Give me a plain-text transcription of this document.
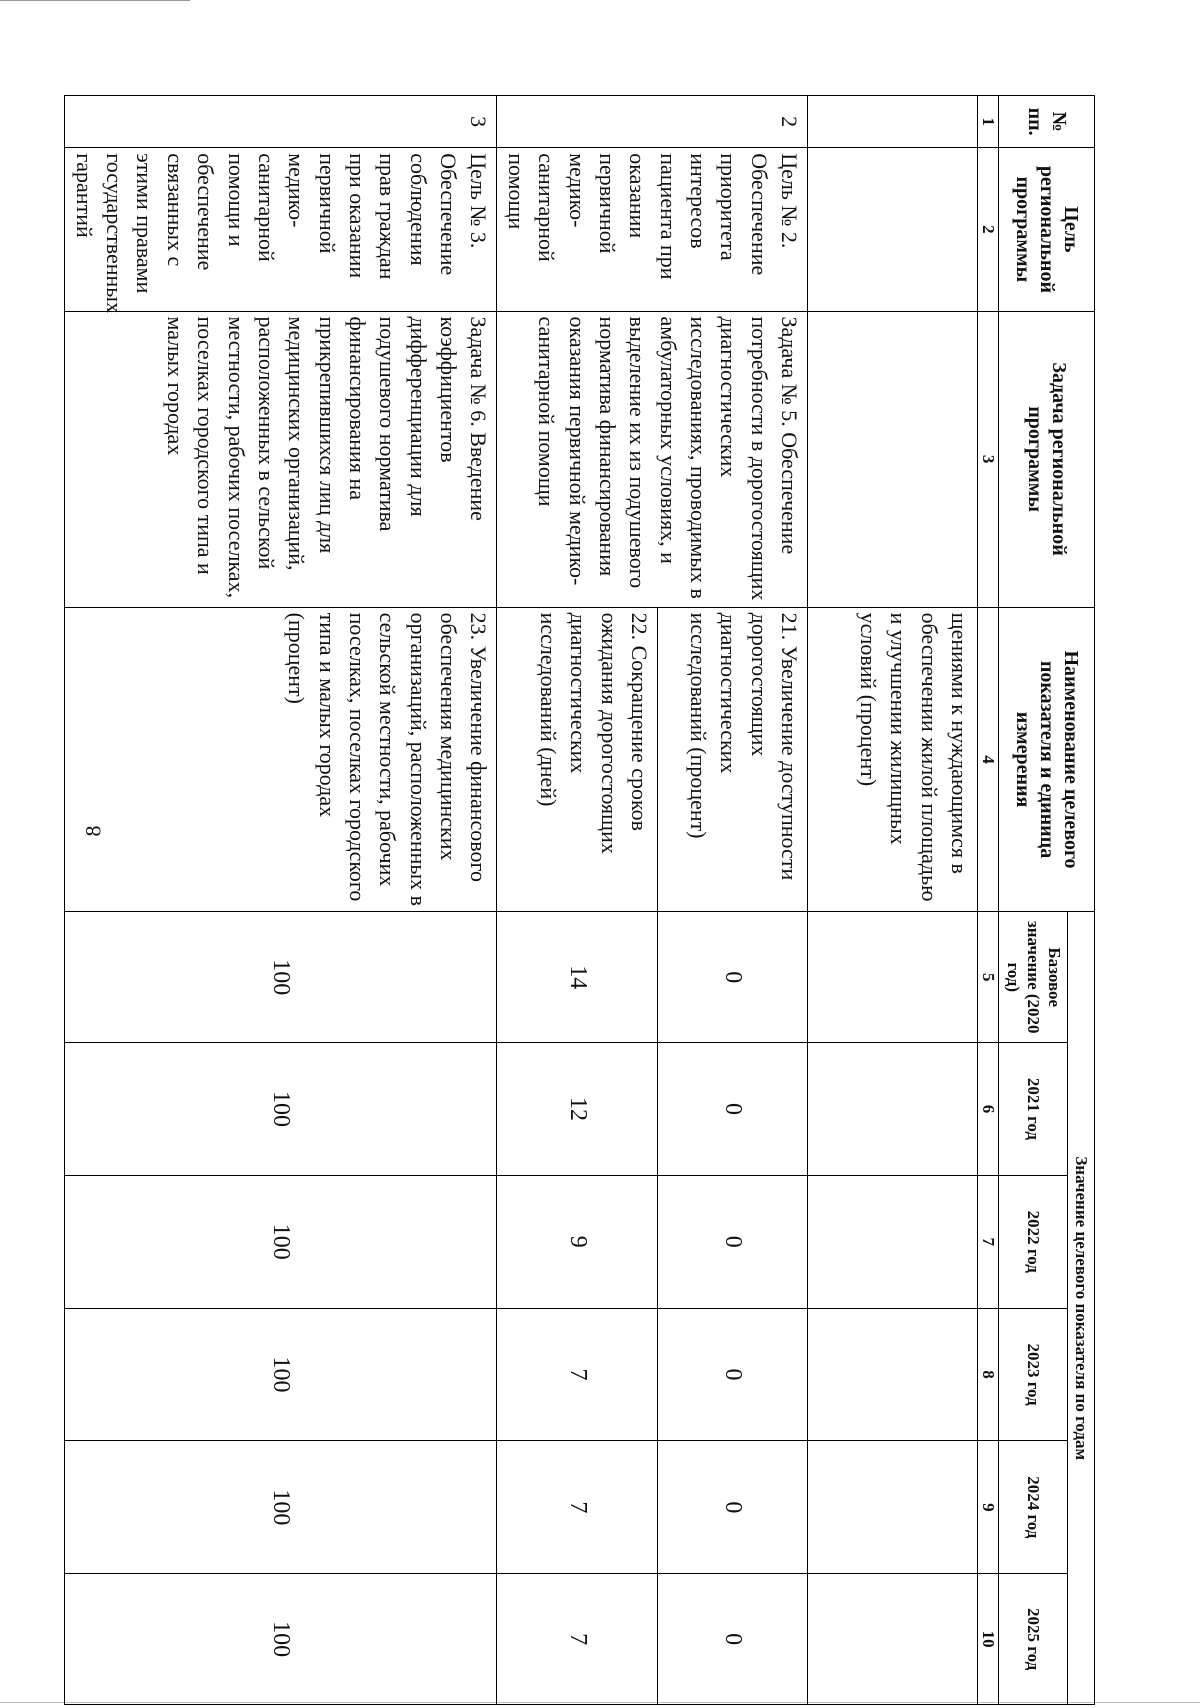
8
№ пп.	Цель региональной программы	Задача региональной программы	Наименование целевого показателя и единица измерения	Значение целевого показателя по годам					
				Базовое значение (2020 год)	2021 год	2022 год	2023 год	2024 год	2025 год
1	2	3	4	5	6	7	8	9	10
			щениями к нуждающимся в обеспечении жилой площадью и улучшении жилищных условий (процент)						
2	Цель № 2. Обеспечение приоритета интересов пациента при оказании первичной медико-санитарной помощи	Задача № 5. Обеспечение потребности в дорогостоящих диагностических исследованиях, проводимых в амбулаторных условиях, и выделение их из подушевого норматива финансирования оказания первичной медико-санитарной помощи	21. Увеличение доступности дорогостоящих диагностических исследований (процент)	0	0	0	0	0	0
			22. Сокращение сроков ожидания дорогостоящих диагностических исследований (дней)	14	12	9	7	7	7
3	Цель № 3. Обеспечение соблюдения прав граждан при оказании первичной медико-санитарной помощи и обеспечение связанных с этими правами государственных гарантий	Задача № 6. Введение коэффициентов дифференциации для подушевого норматива финансирования на прикрепившихся лиц для медицинских организаций, расположенных в сельской местности, рабочих поселках, поселках городского типа и малых городах	23. Увеличение финансового обеспечения медицинских организаций, расположенных в сельской местности, рабочих поселках, поселках городского типа и малых городах (процент)	100	100	100	100	100	100
